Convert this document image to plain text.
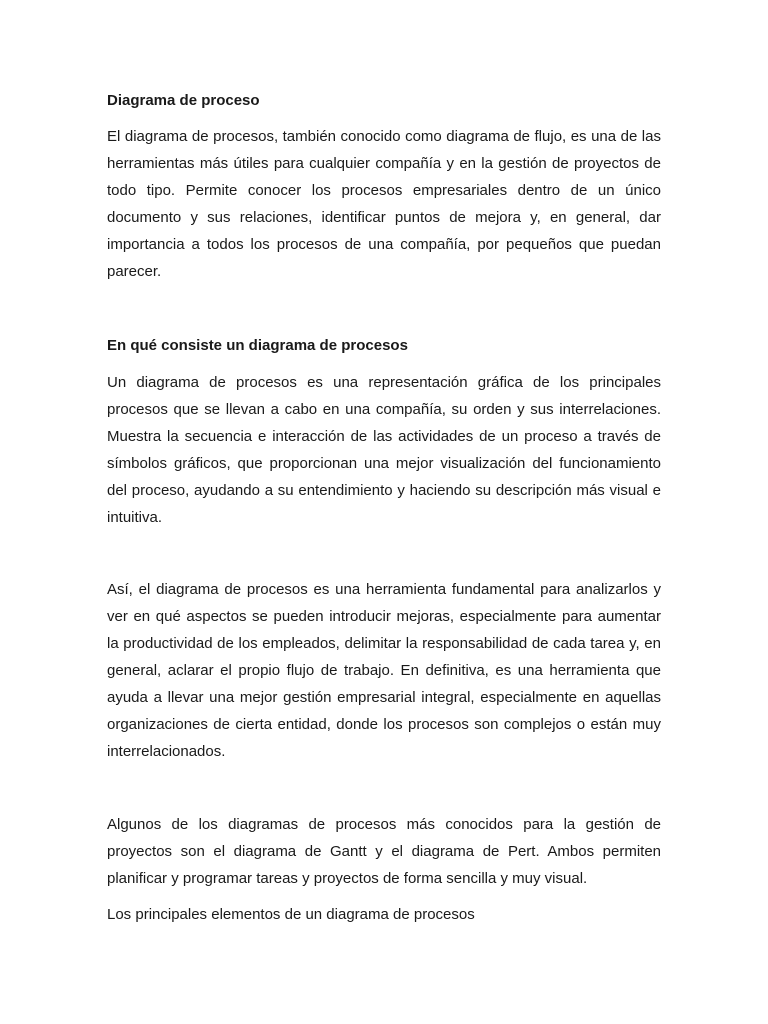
Diagrama de proceso
El diagrama de procesos, también conocido como diagrama de flujo, es una de las herramientas más útiles para cualquier compañía y en la gestión de proyectos de todo tipo. Permite conocer los procesos empresariales dentro de un único documento y sus relaciones, identificar puntos de mejora y, en general, dar importancia a todos los procesos de una compañía, por pequeños que puedan parecer.
En qué consiste un diagrama de procesos
Un diagrama de procesos es una representación gráfica de los principales procesos que se llevan a cabo en una compañía, su orden y sus interrelaciones. Muestra la secuencia e interacción de las actividades de un proceso a través de símbolos gráficos, que proporcionan una mejor visualización del funcionamiento del proceso, ayudando a su entendimiento y haciendo su descripción más visual e intuitiva.
Así, el diagrama de procesos es una herramienta fundamental para analizarlos y ver en qué aspectos se pueden introducir mejoras, especialmente para aumentar la productividad de los empleados, delimitar la responsabilidad de cada tarea y, en general, aclarar el propio flujo de trabajo. En definitiva, es una herramienta que ayuda a llevar una mejor gestión empresarial integral, especialmente en aquellas organizaciones de cierta entidad, donde los procesos son complejos o están muy interrelacionados.
Algunos de los diagramas de procesos más conocidos para la gestión de proyectos son el diagrama de Gantt y el diagrama de Pert. Ambos permiten planificar y programar tareas y proyectos de forma sencilla y muy visual.
Los principales elementos de un diagrama de procesos
